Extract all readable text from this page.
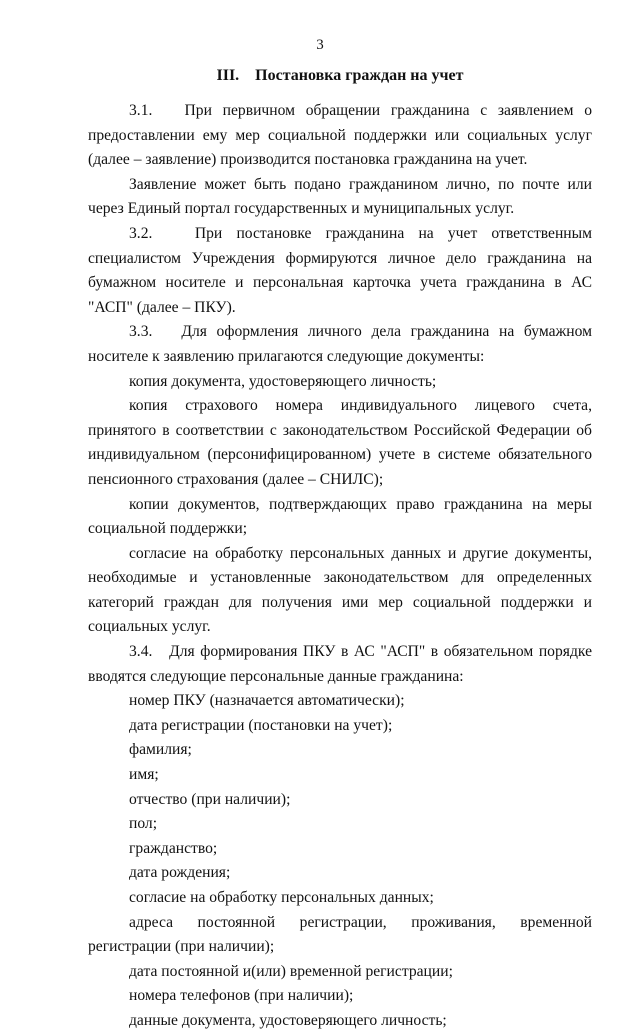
3
III.    Постановка граждан на учет

3.1.   При первичном обращении гражданина с заявлением о предоставлении ему мер социальной поддержки или социальных услуг (далее – заявление) производится постановка гражданина на учет.

Заявление может быть подано гражданином лично, по почте или через Единый портал государственных и муниципальных услуг.

3.2.   При постановке гражданина на учет ответственным специалистом Учреждения формируются личное дело гражданина на бумажном носителе и персональная карточка учета гражданина в АС "АСП" (далее – ПКУ).

3.3.   Для оформления личного дела гражданина на бумажном носителе к заявлению прилагаются следующие документы:

копия документа, удостоверяющего личность;

копия страхового номера индивидуального лицевого счета, принятого в соответствии с законодательством Российской Федерации об индивидуальном (персонифицированном) учете в системе обязательного пенсионного страхования (далее – СНИЛС);

копии документов, подтверждающих право гражданина на меры социальной поддержки;

согласие на обработку персональных данных и другие документы, необходимые и установленные законодательством для определенных категорий граждан для получения ими мер социальной поддержки и социальных услуг.

3.4.   Для формирования ПКУ в АС "АСП" в обязательном порядке вводятся следующие персональные данные гражданина:

номер ПКУ (назначается автоматически);

дата регистрации (постановки на учет);

фамилия;

имя;

отчество (при наличии);

пол;

гражданство;

дата рождения;

согласие на обработку персональных данных;

адреса постоянной регистрации, проживания, временной регистрации (при наличии);

дата постоянной и(или) временной регистрации;

номера телефонов (при наличии);

данные документа, удостоверяющего личность;
